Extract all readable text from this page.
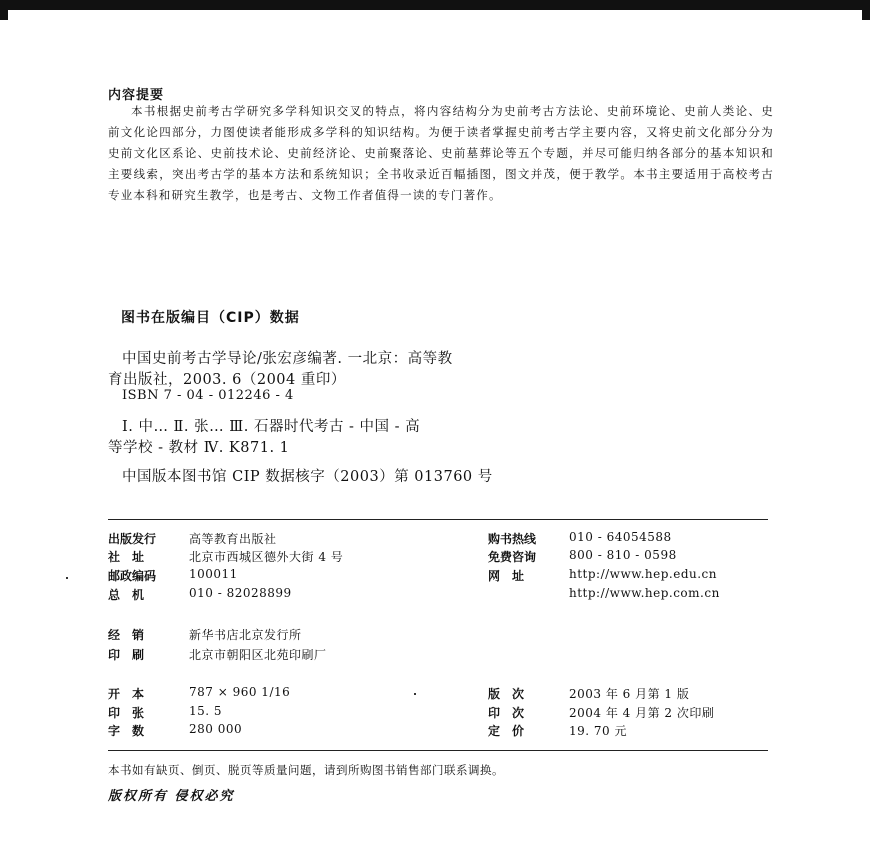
内容提要

本书根据史前考古学研究多学科知识交叉的特点，将内容结构分为史前考古方法论、史前环境论、史前人类论、史前文化论四部分，力图使读者能形成多学科的知识结构。为便于读者掌握史前考古学主要内容，又将史前文化部分分为史前文化区系论、史前技术论、史前经济论、史前聚落论、史前墓葬论等五个专题，并尽可能归纳各部分的基本知识和主要线索，突出考古学的基本方法和系统知识；全书收录近百幅插图，图文并茂，便于教学。本书主要适用于高校考古专业本科和研究生教学，也是考古、文物工作者值得一读的专门著作。

图书在版编目（CIP）数据
中国史前考古学导论/张宏彦编著. 一北京：高等教
育出版社，2003. 6（2004 重印）
ISBN 7 - 04 - 012246 - 4
Ⅰ. 中… Ⅱ. 张… Ⅲ. 石器时代考古 - 中国 - 高
等学校 - 教材 Ⅳ. K871. 1
中国版本图书馆 CIP 数据核字（2003）第 013760 号
出版发行	高等教育出版社
社　址	北京市西城区德外大街 4 号
邮政编码	100011
总　机	010 - 82028899
购书热线	010 - 64054588
免费咨询	800 - 810 - 0598
网　址	http://www.hep.edu.cn
http://www.hep.com.cn
经　销	新华书店北京发行所
印　刷	北京市朝阳区北苑印刷厂
开　本	787 × 960 1/16
印　张	15. 5
字　数	280 000
版　次	2003 年 6 月第 1 版
印　次	2004 年 4 月第 2 次印刷
定　价	19. 70 元
本书如有缺页、倒页、脱页等质量问题，请到所购图书销售部门联系调换。
版权所有 侵权必究
